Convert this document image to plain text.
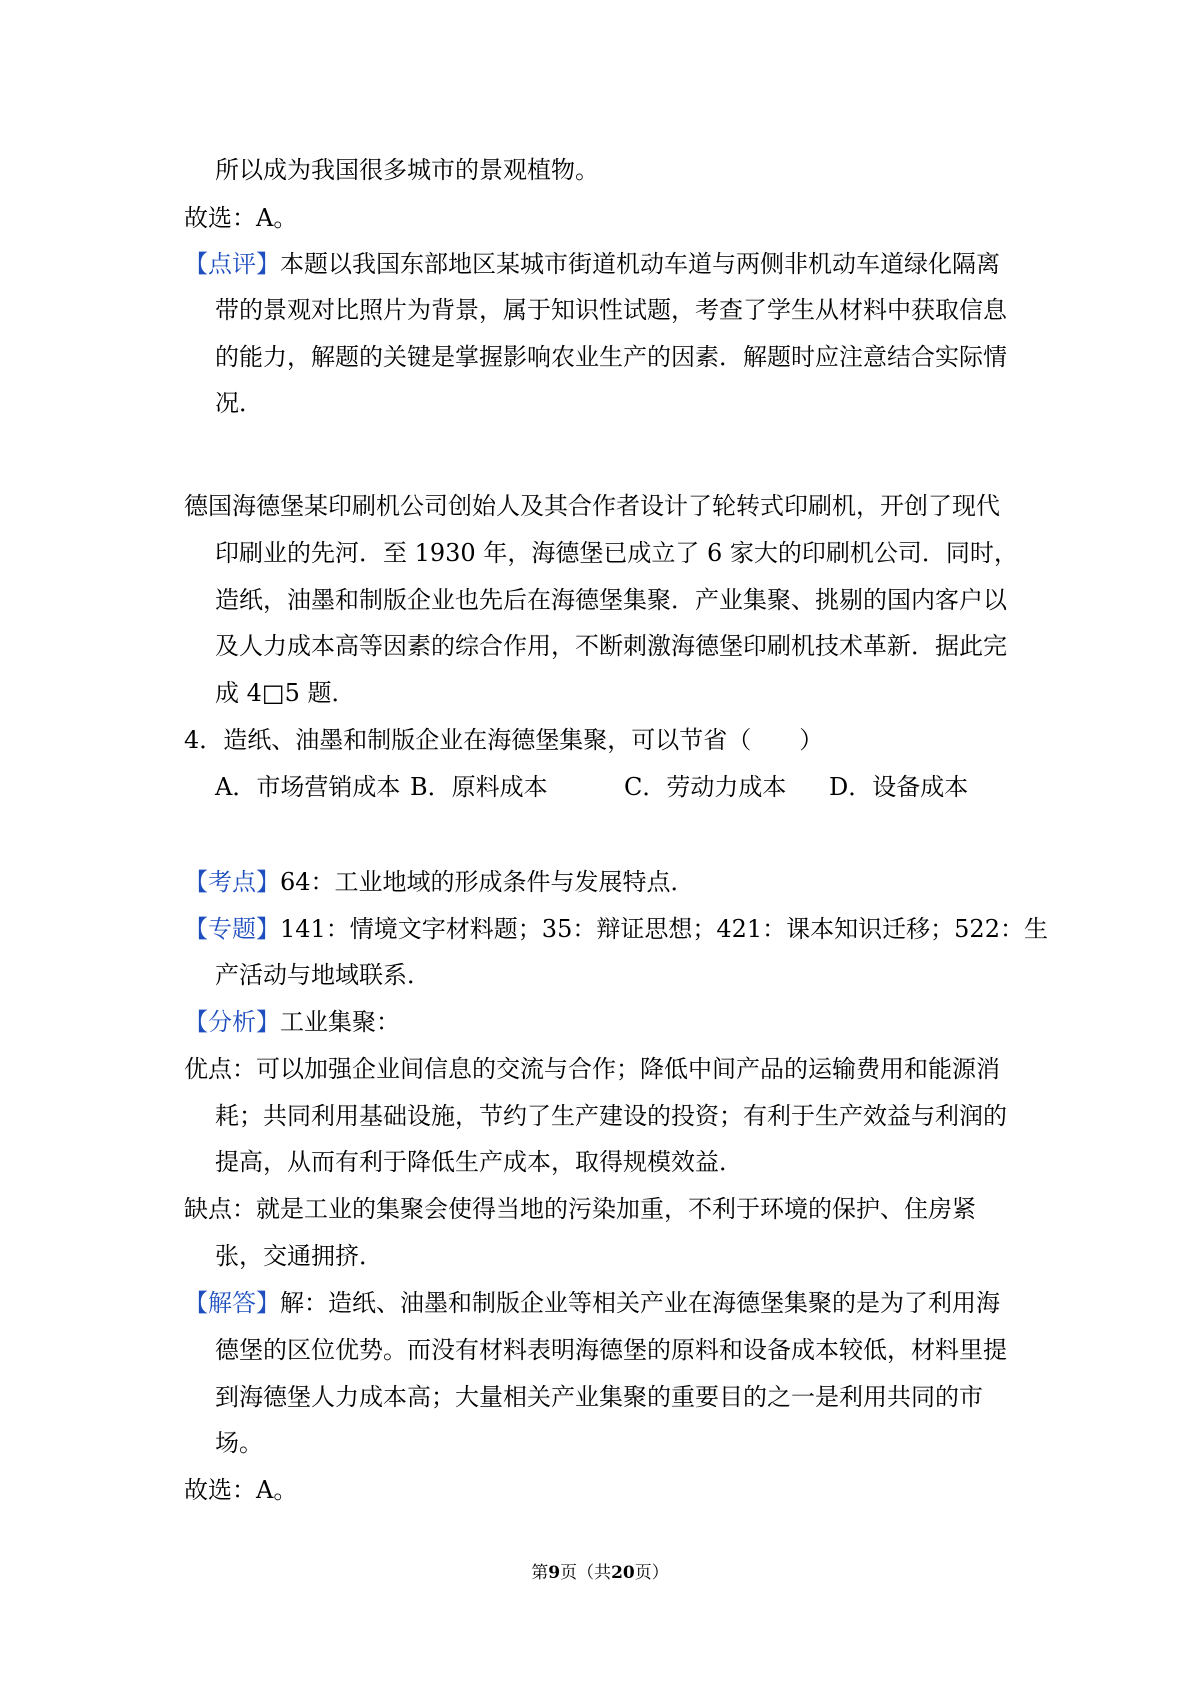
所以成为我国很多城市的景观植物。
故选：A。
【点评】本题以我国东部地区某城市街道机动车道与两侧非机动车道绿化隔离
带的景观对比照片为背景，属于知识性试题，考查了学生从材料中获取信息
的能力，解题的关键是掌握影响农业生产的因素．解题时应注意结合实际情
况．
德国海德堡某印刷机公司创始人及其合作者设计了轮转式印刷机，开创了现代
印刷业的先河．至 1930 年，海德堡已成立了 6 家大的印刷机公司．同时，
造纸，油墨和制版企业也先后在海德堡集聚．产业集聚、挑剔的国内客户以
及人力成本高等因素的综合作用，不断刺激海德堡印刷机技术革新．据此完
成 4□5 题．
4．造纸、油墨和制版企业在海德堡集聚，可以节省（　　）
A．市场营销成本 B．原料成本	C．劳动力成本 D．设备成本
【考点】64：工业地域的形成条件与发展特点．
【专题】141：情境文字材料题；35：辩证思想；421：课本知识迁移；522：生
产活动与地域联系．
【分析】工业集聚：
优点：可以加强企业间信息的交流与合作；降低中间产品的运输费用和能源消
耗；共同利用基础设施，节约了生产建设的投资；有利于生产效益与利润的
提高，从而有利于降低生产成本，取得规模效益．
缺点：就是工业的集聚会使得当地的污染加重，不利于环境的保护、住房紧
张，交通拥挤．
【解答】解：造纸、油墨和制版企业等相关产业在海德堡集聚的是为了利用海
德堡的区位优势。而没有材料表明海德堡的原料和设备成本较低，材料里提
到海德堡人力成本高；大量相关产业集聚的重要目的之一是利用共同的市
场。
故选：A。
第9页（共20页）
